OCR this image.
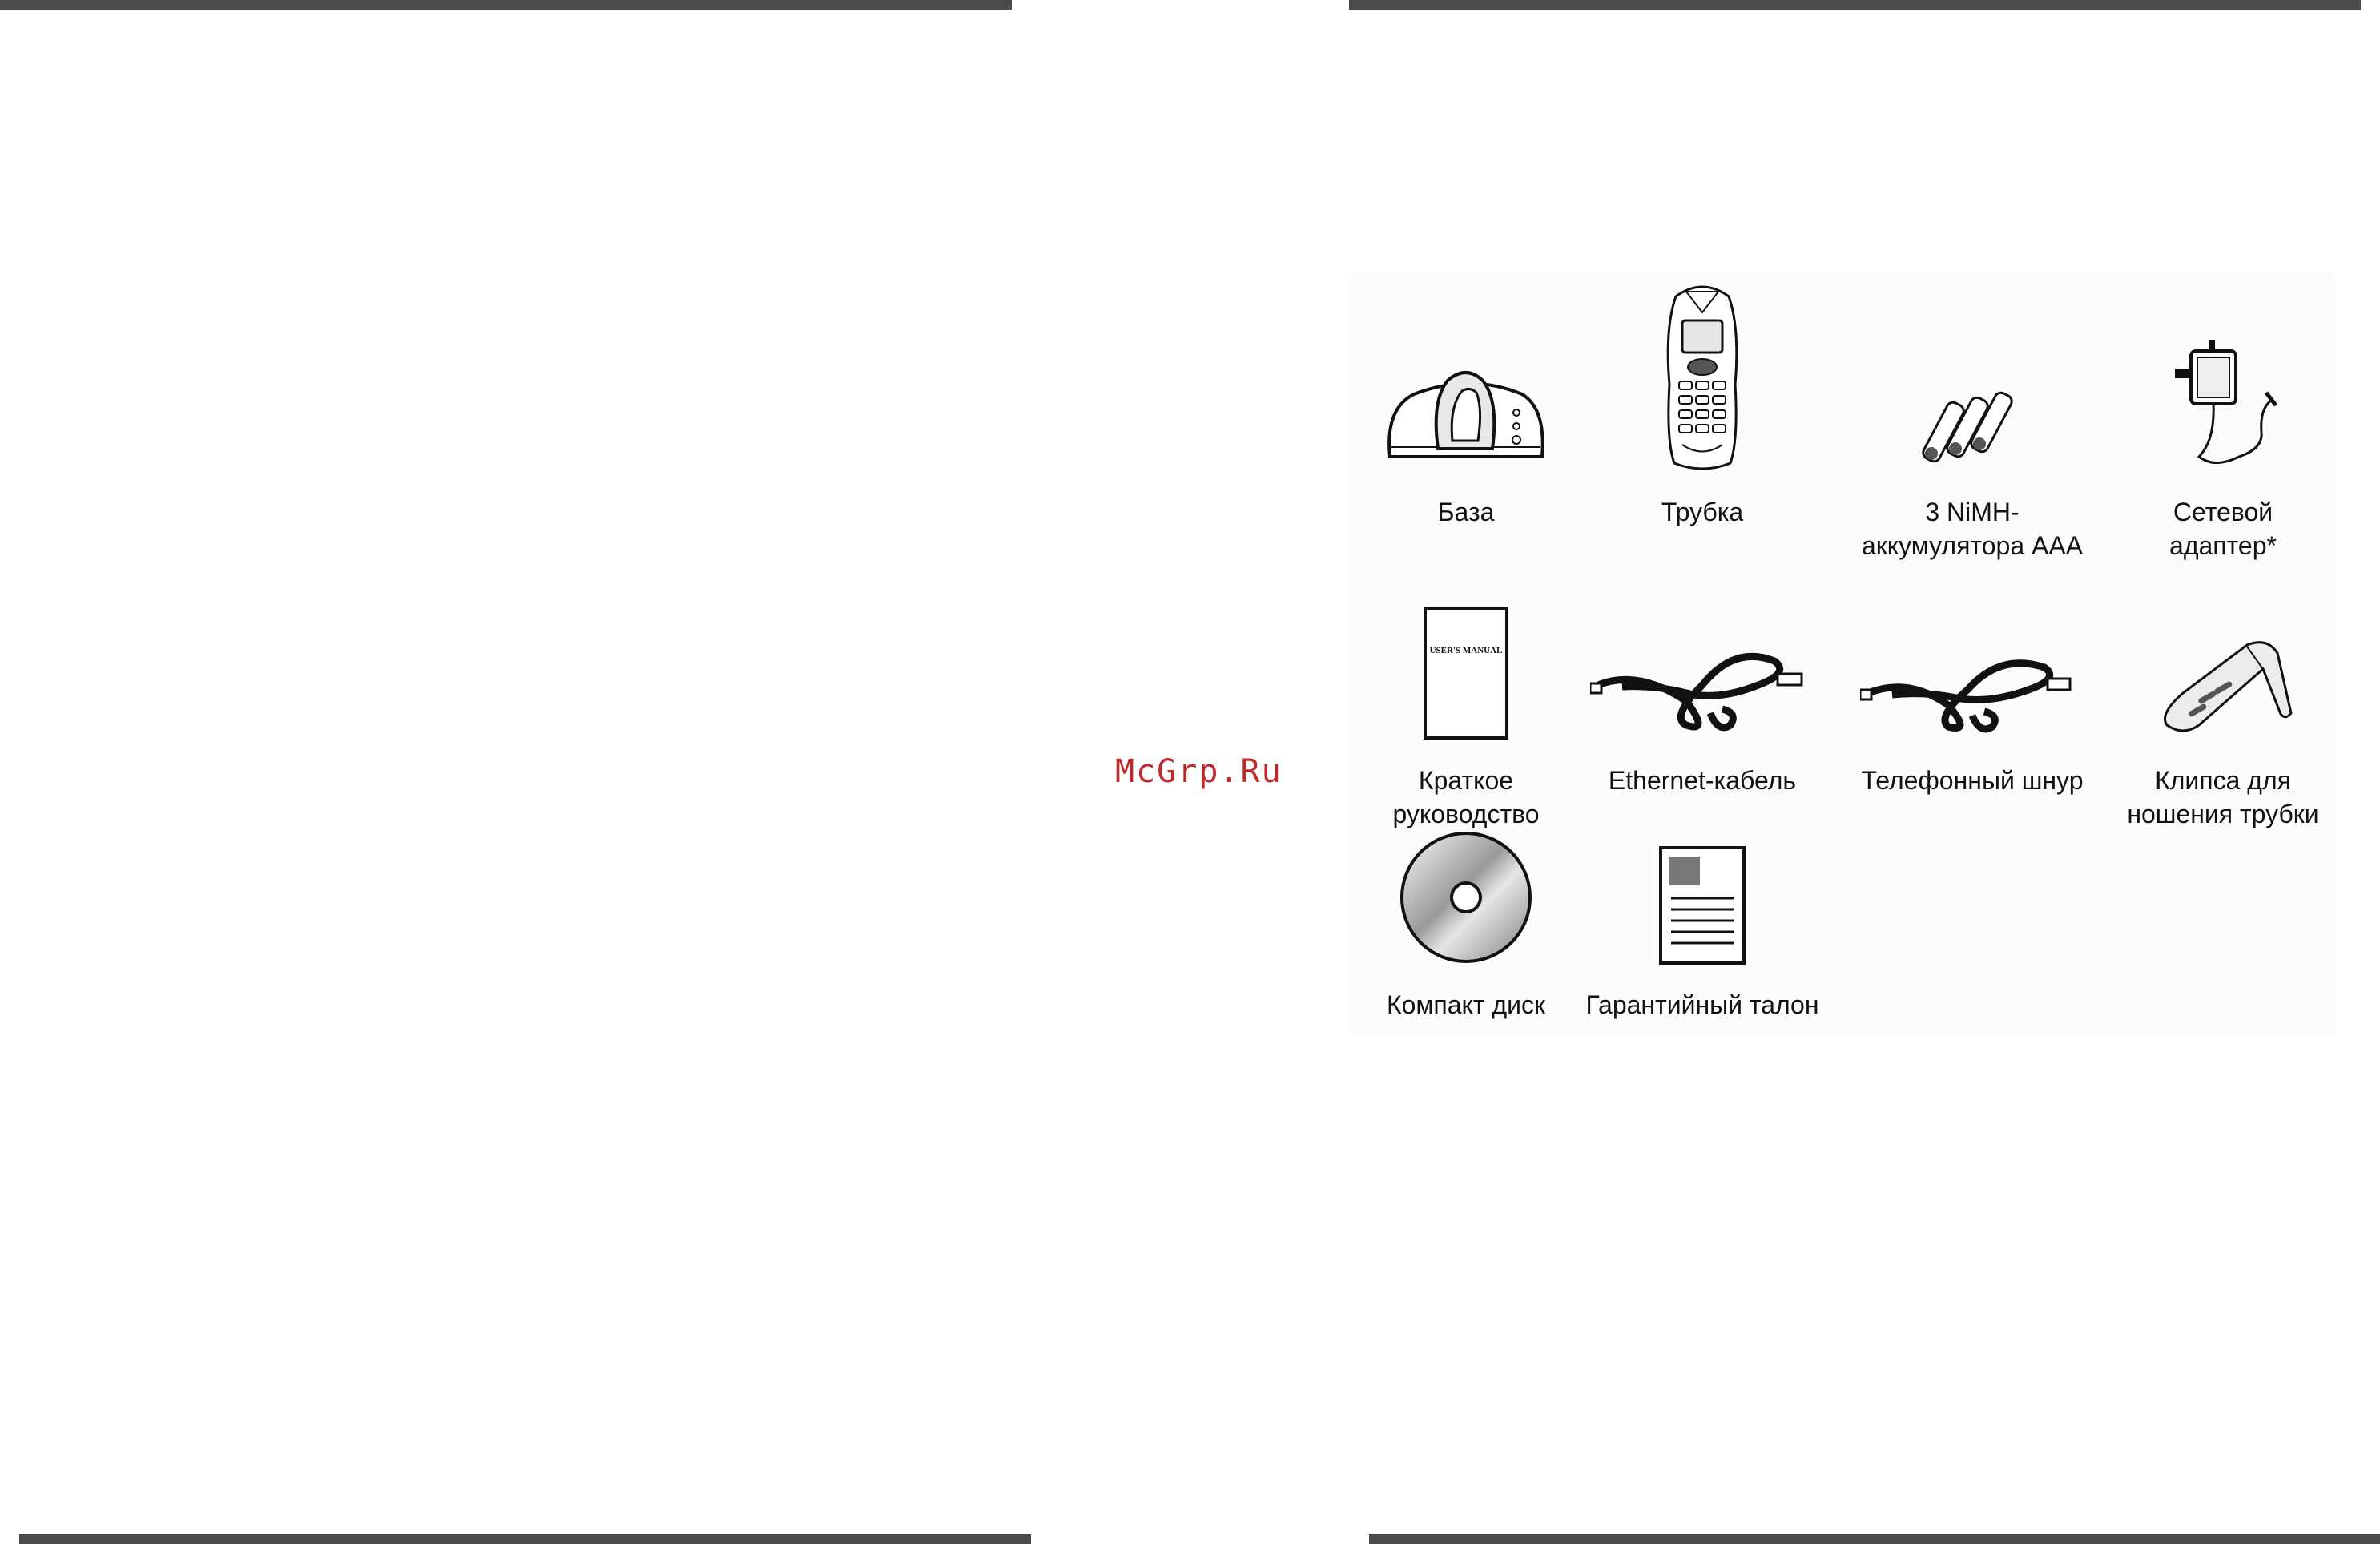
McGrp.Ru
База	Трубка	3 NiMH-
аккумулятора AAA
Сетевой
адаптер*
USER'S MANUAL
Краткое
руководство
Ethernet-кабель	Телефонный шнур	Клипса для
ношения трубки
Компакт диск	Гарантийный талон
